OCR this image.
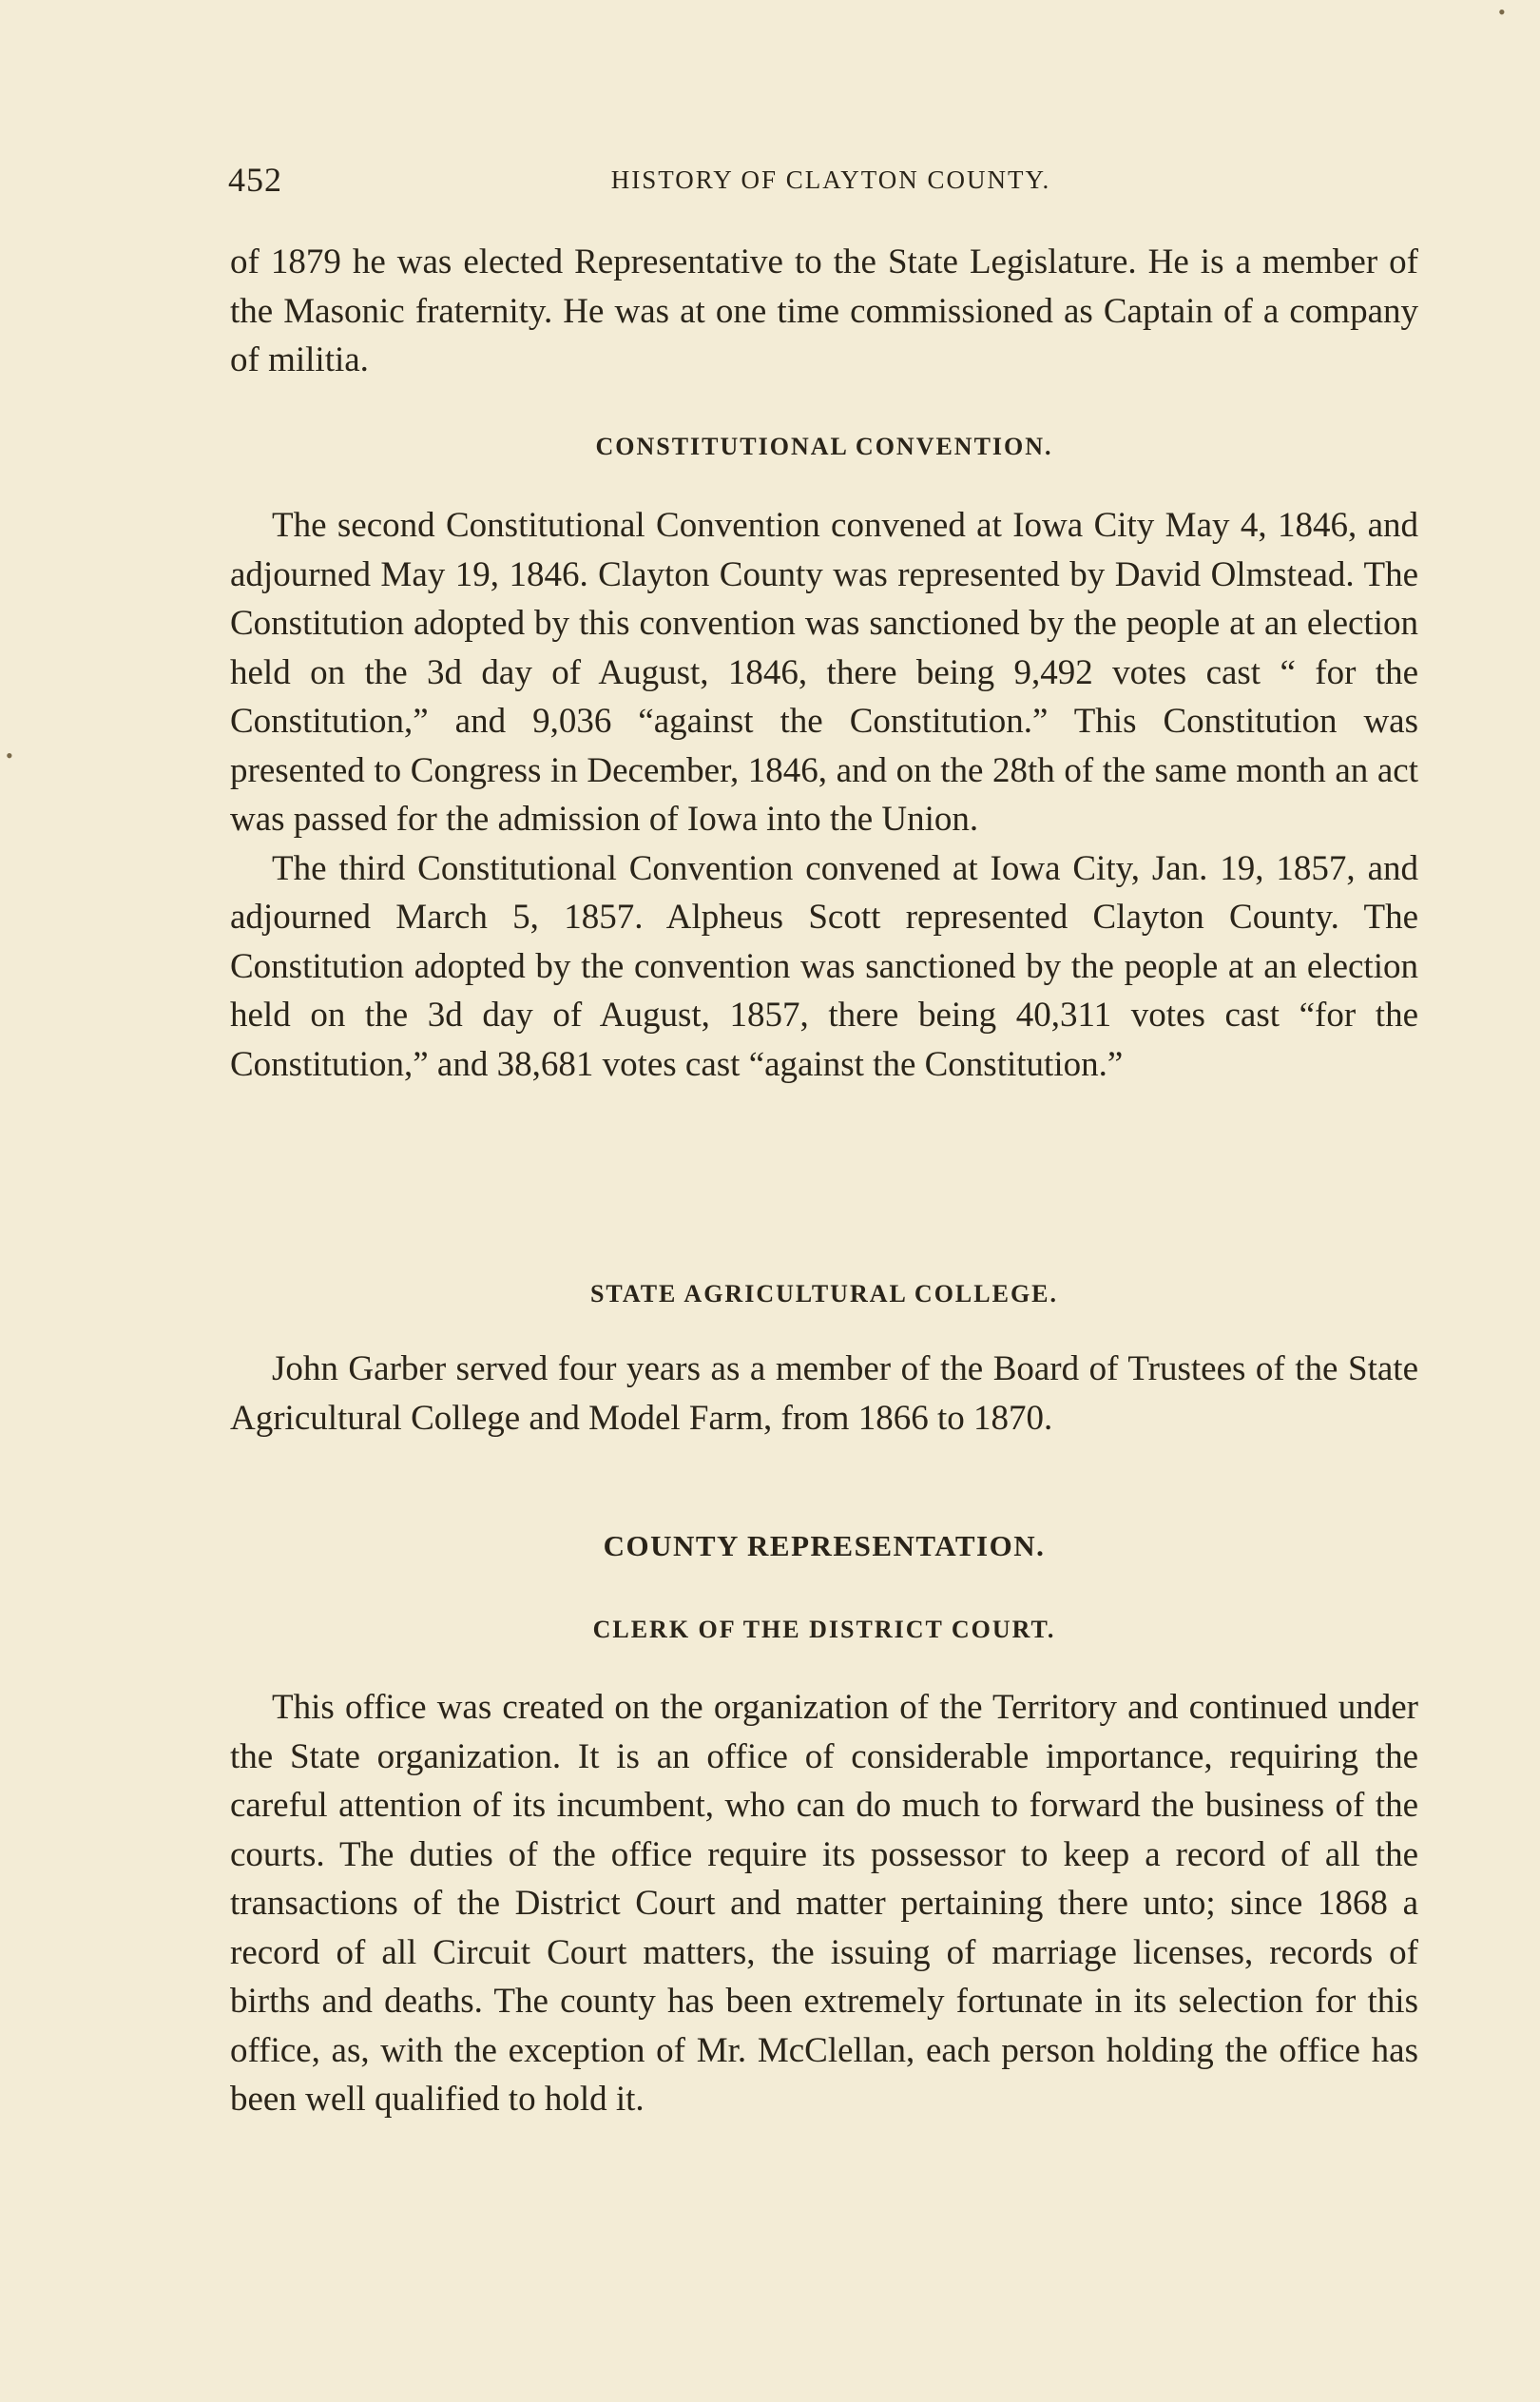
452	HISTORY OF CLAYTON COUNTY.

of 1879 he was elected Representative to the State Legislature. He is a member of the Masonic fraternity. He was at one time commissioned as Captain of a company of militia.

CONSTITUTIONAL CONVENTION.

The second Constitutional Convention convened at Iowa City May 4, 1846, and adjourned May 19, 1846. Clayton County was represented by David Olmstead. The Constitution adopted by this convention was sanctioned by the people at an election held on the 3d day of August, 1846, there being 9,492 votes cast “ for the Constitution,” and 9,036 “against the Constitution.” This Constitution was presented to Congress in December, 1846, and on the 28th of the same month an act was passed for the admission of Iowa into the Union.

The third Constitutional Convention convened at Iowa City, Jan. 19, 1857, and adjourned March 5, 1857. Alpheus Scott represented Clayton County. The Constitution adopted by the convention was sanctioned by the people at an election held on the 3d day of August, 1857, there being 40,311 votes cast “for the Constitution,” and 38,681 votes cast “against the Constitution.”

STATE AGRICULTURAL COLLEGE.

John Garber served four years as a member of the Board of Trustees of the State Agricultural College and Model Farm, from 1866 to 1870.

COUNTY REPRESENTATION.
CLERK OF THE DISTRICT COURT.

This office was created on the organization of the Territory and continued under the State organization. It is an office of considerable importance, requiring the careful attention of its incumbent, who can do much to forward the business of the courts. The duties of the office require its possessor to keep a record of all the transactions of the District Court and matter pertaining there unto; since 1868 a record of all Circuit Court matters, the issuing of marriage licenses, records of births and deaths. The county has been extremely fortunate in its selection for this office, as, with the exception of Mr. McClellan, each person holding the office has been well qualified to hold it.

•
•
